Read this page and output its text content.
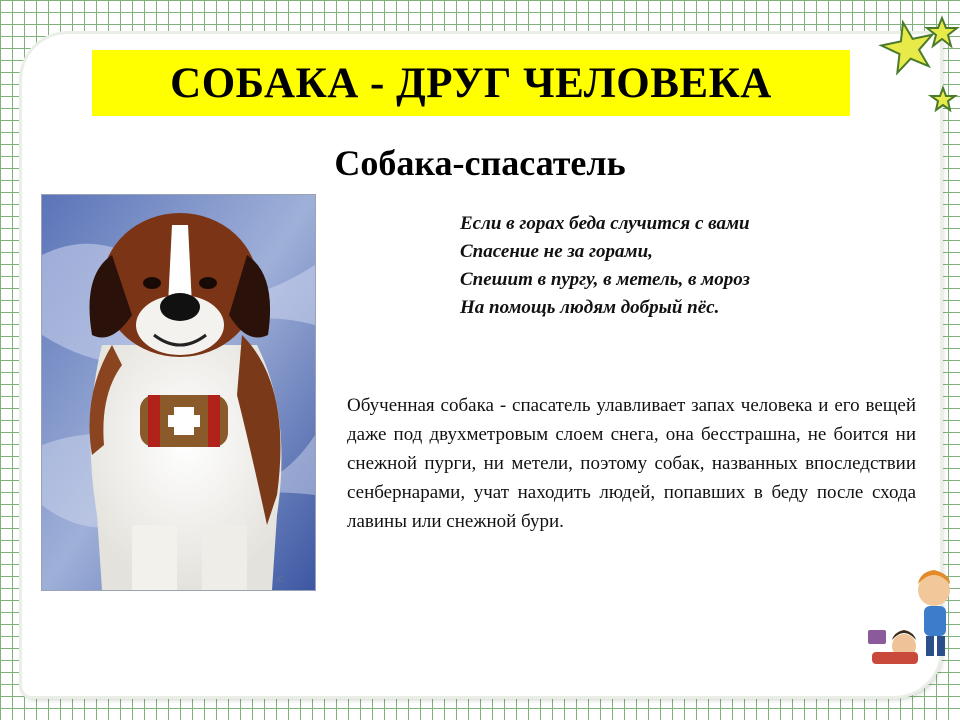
СОБАКА - ДРУГ ЧЕЛОВЕКА
Собака-спасатель
©
Если в горах беда случится с вами
Спасение не за горами,
Спешит в пургу, в метель, в мороз
На помощь людям добрый пёс.
Обученная собака - спасатель улавливает запах человека и его вещей даже под двухметровым слоем снега, она бесстрашна, не боится ни снежной пурги, ни метели, поэтому собак, названных впоследствии сенбернарами, учат находить людей, попавших в беду после схода лавины или снежной бури.
